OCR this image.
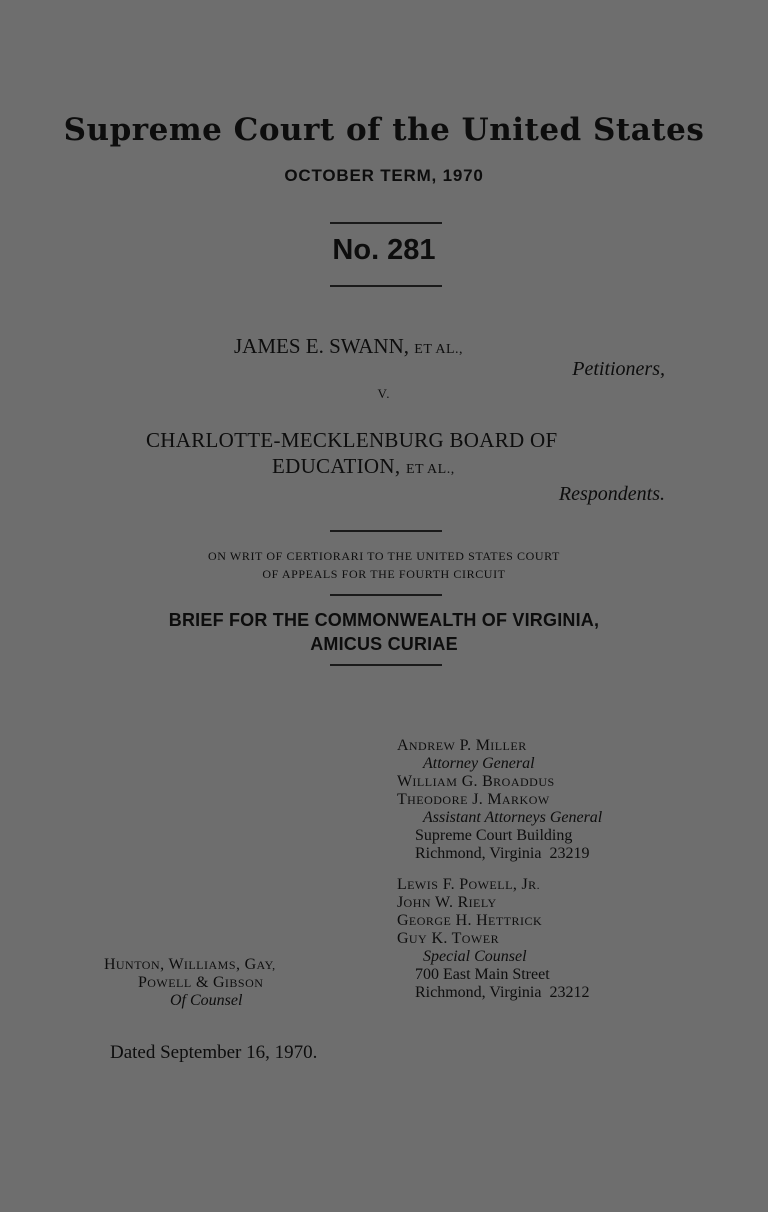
Supreme Court of the United States
OCTOBER TERM, 1970
No. 281
JAMES E. SWANN, ET AL.,
Petitioners,
V.
CHARLOTTE-MECKLENBURG BOARD OF
EDUCATION, ET AL.,
Respondents.
ON WRIT OF CERTIORARI TO THE UNITED STATES COURT
OF APPEALS FOR THE FOURTH CIRCUIT
BRIEF FOR THE COMMONWEALTH OF VIRGINIA,
AMICUS CURIAE
ANDREW P. MILLER
Attorney General
WILLIAM G. BROADDUS
THEODORE J. MARKOW
Assistant Attorneys General
Supreme Court Building
Richmond, Virginia  23219
LEWIS F. POWELL, JR.
JOHN W. RIELY
GEORGE H. HETTRICK
GUY K. TOWER
Special Counsel
700 East Main Street
Richmond, Virginia  23212
HUNTON, WILLIAMS, GAY,
POWELL & GIBSON
Of Counsel
Dated September 16, 1970.
